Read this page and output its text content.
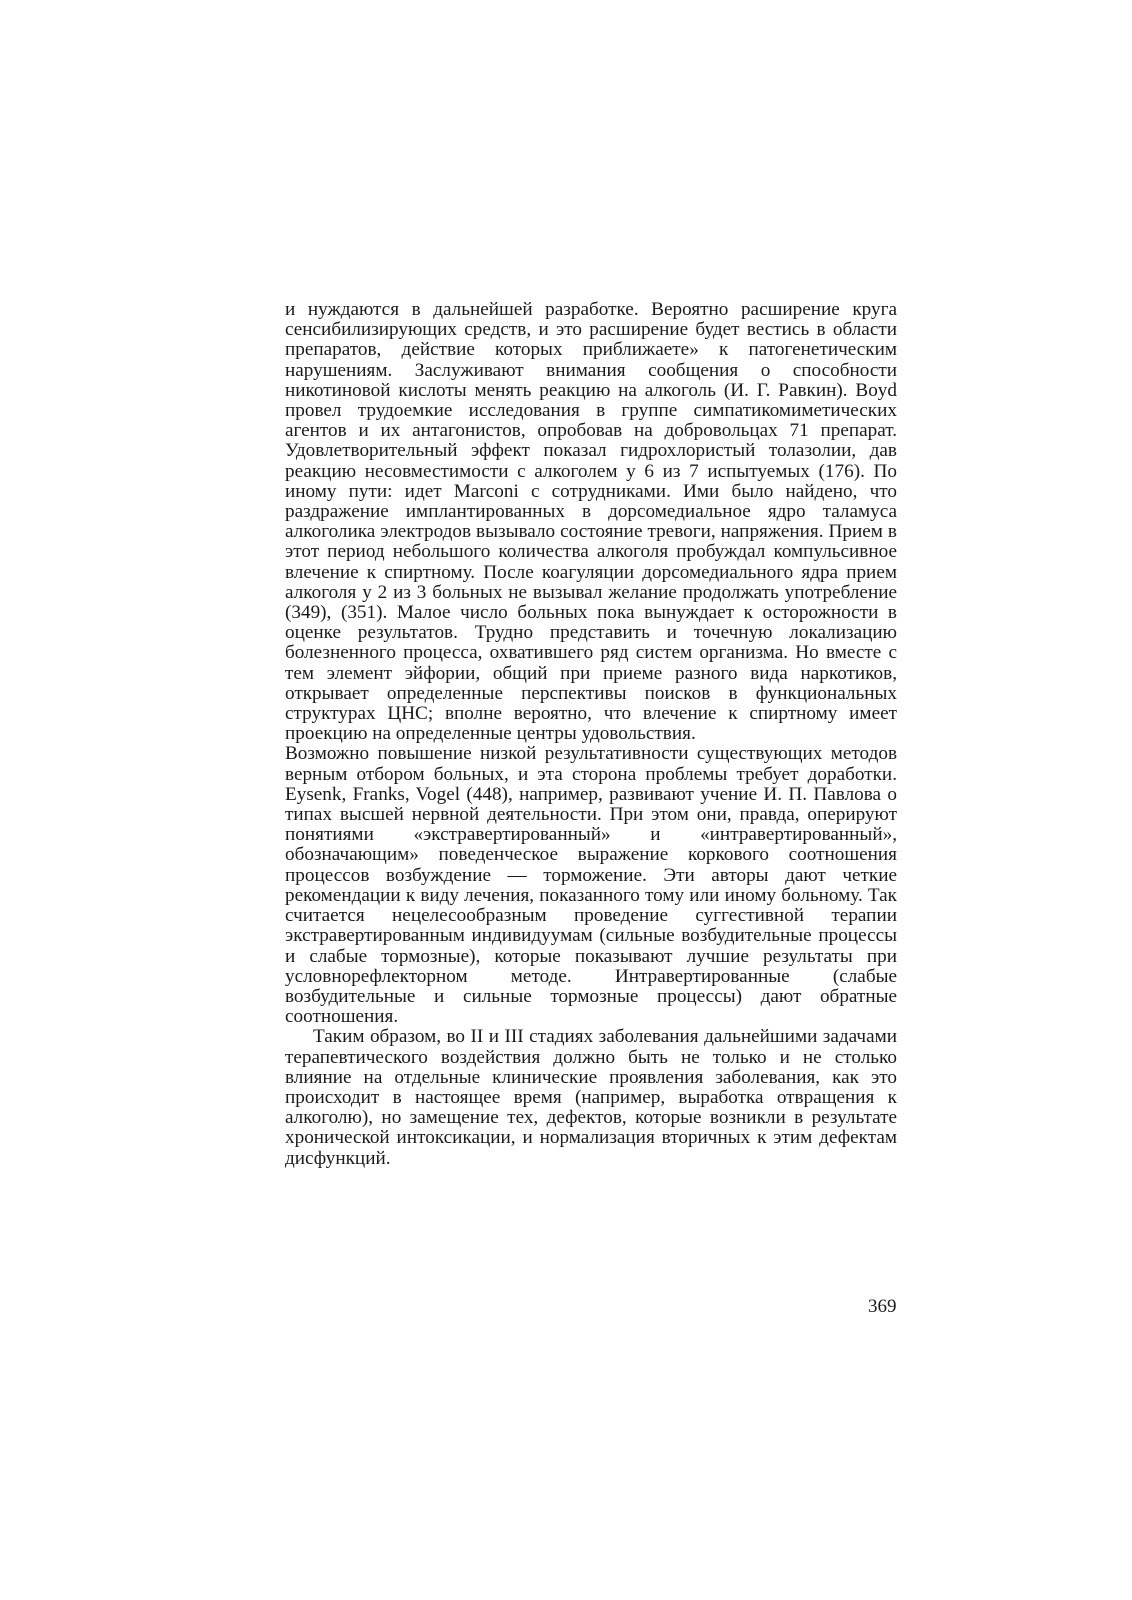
и нуждаются в дальнейшей разработке. Вероятно расширение круга сенсибилизирующих средств, и это расширение будет вестись в области препаратов, действие которых приближаете» к патогенетическим нарушениям. Заслуживают внимания сообщения о способности никотиновой кислоты менять реакцию на алкоголь (И. Г. Равкин). Boyd провел трудоемкие исследования в группе симпатикомиметических агентов и их антагонистов, опробовав на добровольцах 71 препарат. Удовлетворительный эффект показал гидрохлористый толазолии, дав реакцию несовместимости с алкоголем у 6 из 7 испытуемых (176). По иному пути: идет Marconi с сотрудниками. Ими было найдено, что раздражение имплантированных в дорсомедиальное ядро таламуса алкоголика электродов вызывало состояние тревоги, напряжения. Прием в этот период небольшого количества алкоголя пробуждал компульсивное влечение к спиртному. После коагуляции дорсомедиального ядра прием алкоголя у 2 из 3 больных не вызывал желание продолжать употребление (349), (351). Малое число больных пока вынуждает к осторожности в оценке результатов. Трудно представить и точечную локализацию болезненного процесса, охватившего ряд систем организма. Но вместе с тем элемент эйфории, общий при приеме разного вида наркотиков, открывает определенные перспективы поисков в функциональных структурах ЦНС; вполне вероятно, что влечение к спиртному имеет проекцию на определенные центры удовольствия.

Возможно повышение низкой результативности существующих методов верным отбором больных, и эта сторона проблемы требует доработки. Eysenk, Franks, Vogel (448), например, развивают учение И. П. Павлова о типах высшей нервной деятельности. При этом они, правда, оперируют понятиями «экстравертированный» и «интравертированный», обозначающим» поведенческое выражение коркового соотношения процессов возбуждение — торможение. Эти авторы дают четкие рекомендации к виду лечения, показанного тому или иному больному. Так считается нецелесообразным проведение суггестивной терапии экстравертированным индивидуумам (сильные возбудительные процессы и слабые тормозные), которые показывают лучшие результаты при условнорефлекторном методе. Интравертированные (слабые возбудительные и сильные тормозные процессы) дают обратные соотношения.

Таким образом, во II и III стадиях заболевания дальнейшими задачами терапевтического воздействия должно быть не только и не столько влияние на отдельные клинические проявления заболевания, как это происходит в настоящее время (например, выработка отвращения к алкоголю), но замещение тех, дефектов, которые возникли в результате хронической интоксикации, и нормализация вторичных к этим дефектам дисфункций.

369
